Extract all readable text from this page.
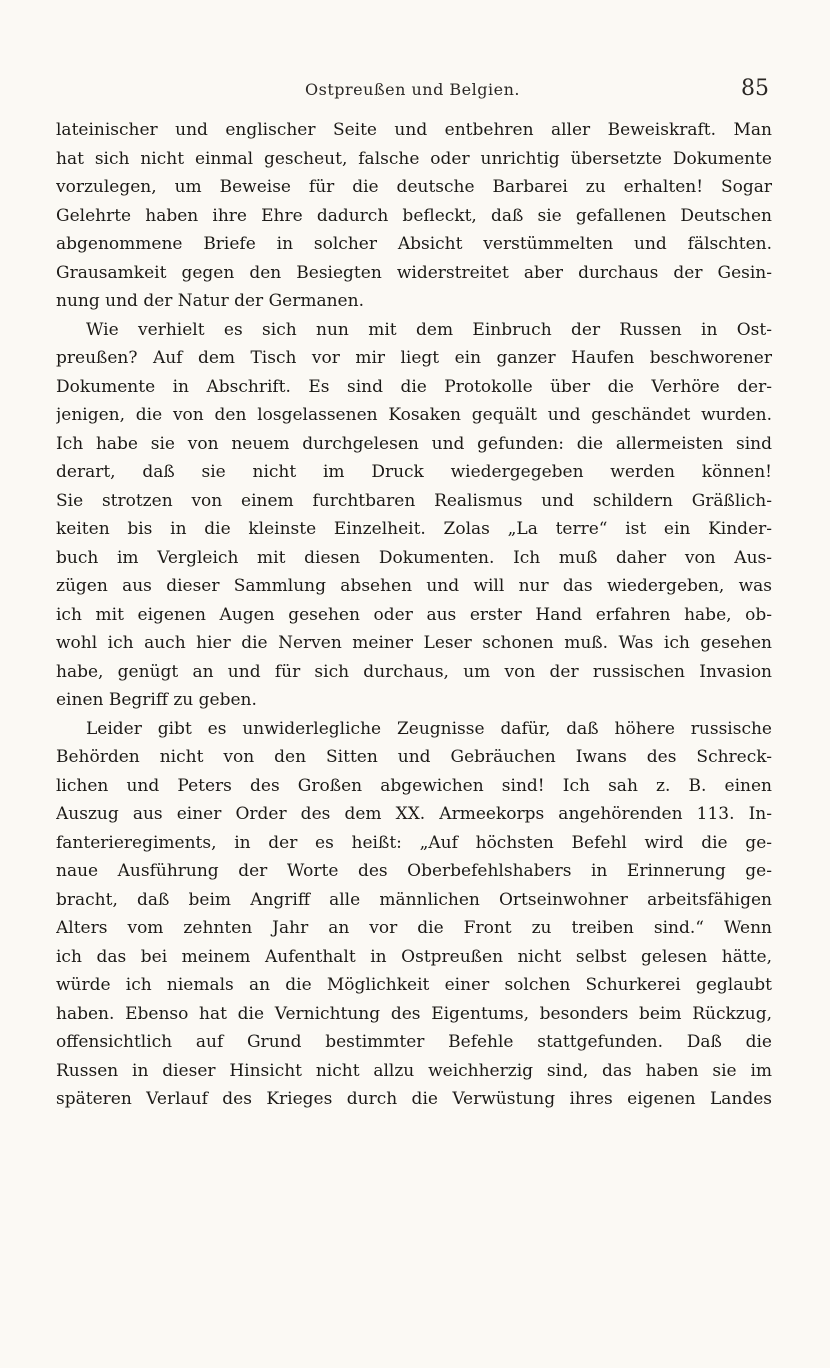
Ostpreußen und Belgien.	85
lateinischer und englischer Seite und entbehren aller Beweiskraft. Man
hat sich nicht einmal gescheut, falsche oder unrichtig übersetzte Dokumente
vorzulegen, um Beweise für die deutsche Barbarei zu erhalten! Sogar
Gelehrte haben ihre Ehre dadurch befleckt, daß sie gefallenen Deutschen
abgenommene Briefe in solcher Absicht verstümmelten und fälschten.
Grausamkeit gegen den Besiegten widerstreitet aber durchaus der Gesin-
nung und der Natur der Germanen.
Wie verhielt es sich nun mit dem Einbruch der Russen in Ost-
preußen? Auf dem Tisch vor mir liegt ein ganzer Haufen beschworener
Dokumente in Abschrift. Es sind die Protokolle über die Verhöre der-
jenigen, die von den losgelassenen Kosaken gequält und geschändet wurden.
Ich habe sie von neuem durchgelesen und gefunden: die allermeisten sind
derart, daß sie nicht im Druck wiedergegeben werden können!
Sie strotzen von einem furchtbaren Realismus und schildern Gräßlich-
keiten bis in die kleinste Einzelheit. Zolas „La terre“ ist ein Kinder-
buch im Vergleich mit diesen Dokumenten. Ich muß daher von Aus-
zügen aus dieser Sammlung absehen und will nur das wiedergeben, was
ich mit eigenen Augen gesehen oder aus erster Hand erfahren habe, ob-
wohl ich auch hier die Nerven meiner Leser schonen muß. Was ich gesehen
habe, genügt an und für sich durchaus, um von der russischen Invasion
einen Begriff zu geben.
Leider gibt es unwiderlegliche Zeugnisse dafür, daß höhere russische
Behörden nicht von den Sitten und Gebräuchen Iwans des Schreck-
lichen und Peters des Großen abgewichen sind! Ich sah z. B. einen
Auszug aus einer Order des dem XX. Armeekorps angehörenden 113. In-
fanterieregiments, in der es heißt: „Auf höchsten Befehl wird die ge-
naue Ausführung der Worte des Oberbefehlshabers in Erinnerung ge-
bracht, daß beim Angriff alle männlichen Ortseinwohner arbeitsfähigen
Alters vom zehnten Jahr an vor die Front zu treiben sind.“ Wenn
ich das bei meinem Aufenthalt in Ostpreußen nicht selbst gelesen hätte,
würde ich niemals an die Möglichkeit einer solchen Schurkerei geglaubt
haben. Ebenso hat die Vernichtung des Eigentums, besonders beim Rückzug,
offensichtlich auf Grund bestimmter Befehle stattgefunden. Daß die
Russen in dieser Hinsicht nicht allzu weichherzig sind, das haben sie im
späteren Verlauf des Krieges durch die Verwüstung ihres eigenen Landes
